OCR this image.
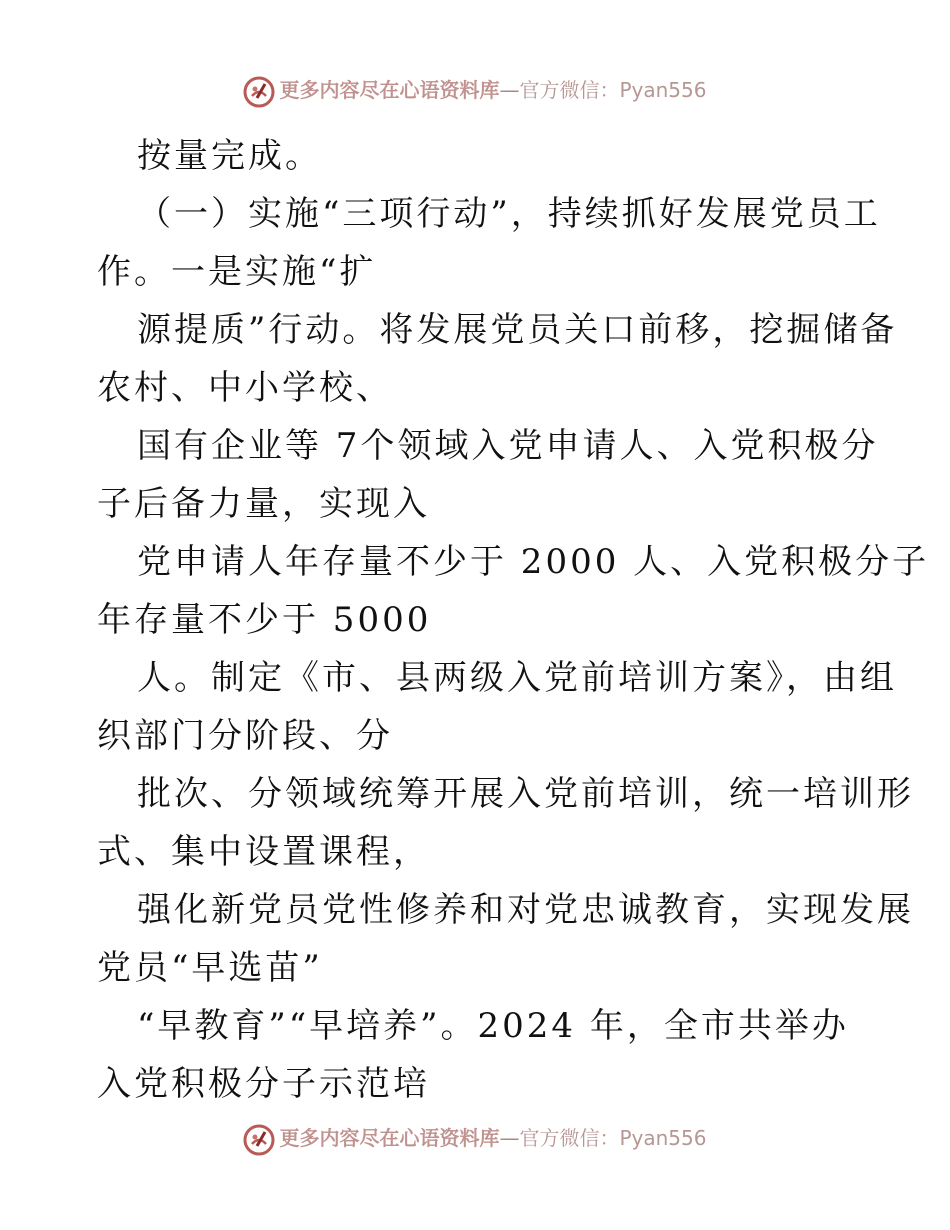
更多内容尽在心语资料库—官方微信：Pyan556
按量完成。
（一）实施“三项行动”，持续抓好发展党员工
作。一是实施“扩
源提质”行动。将发展党员关口前移，挖掘储备
农村、中小学校、
国有企业等 7个领域入党申请人、入党积极分
子后备力量，实现入
党申请人年存量不少于 2000 人、入党积极分子
年存量不少于 5000
人。制定《市、县两级入党前培训方案》，由组
织部门分阶段、分
批次、分领域统筹开展入党前培训，统一培训形
式、集中设置课程，
强化新党员党性修养和对党忠诚教育，实现发展
党员“早选苗”
“早教育”“早培养”。2024 年，全市共举办
入党积极分子示范培
更多内容尽在心语资料库—官方微信：Pyan556
